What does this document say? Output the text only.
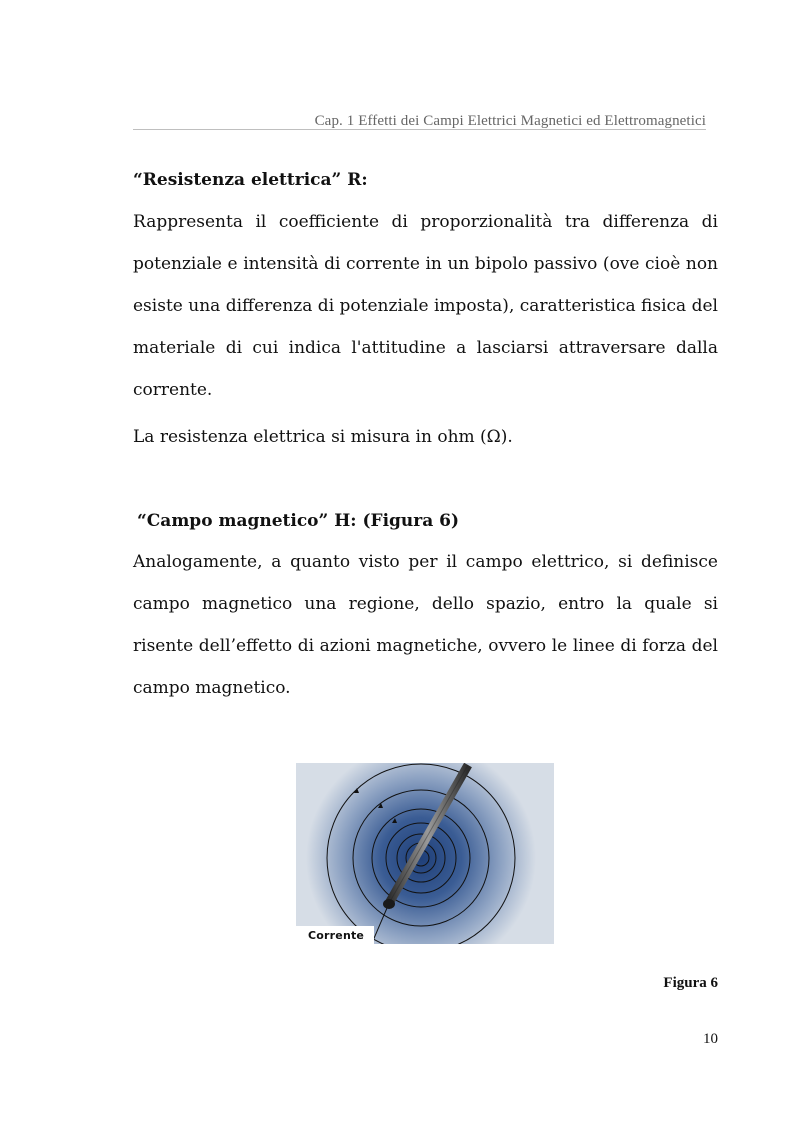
Cap. 1 Effetti dei Campi Elettrici Magnetici ed Elettromagnetici
“Resistenza elettrica” R:
Rappresenta il coefficiente di proporzionalità tra differenza di potenziale e intensità di corrente in un bipolo passivo (ove cioè non esiste una differenza di potenziale imposta), caratteristica fisica del materiale di cui indica l'attitudine a lasciarsi attraversare dalla corrente.
La resistenza elettrica si misura in ohm (Ω).
“Campo magnetico” H: (Figura 6)
Analogamente, a quanto visto per il campo elettrico, si definisce campo magnetico una regione, dello spazio, entro la quale si risente dell’effetto di azioni magnetiche, ovvero le linee di forza del campo magnetico.
Corrente
Figura 6
10
